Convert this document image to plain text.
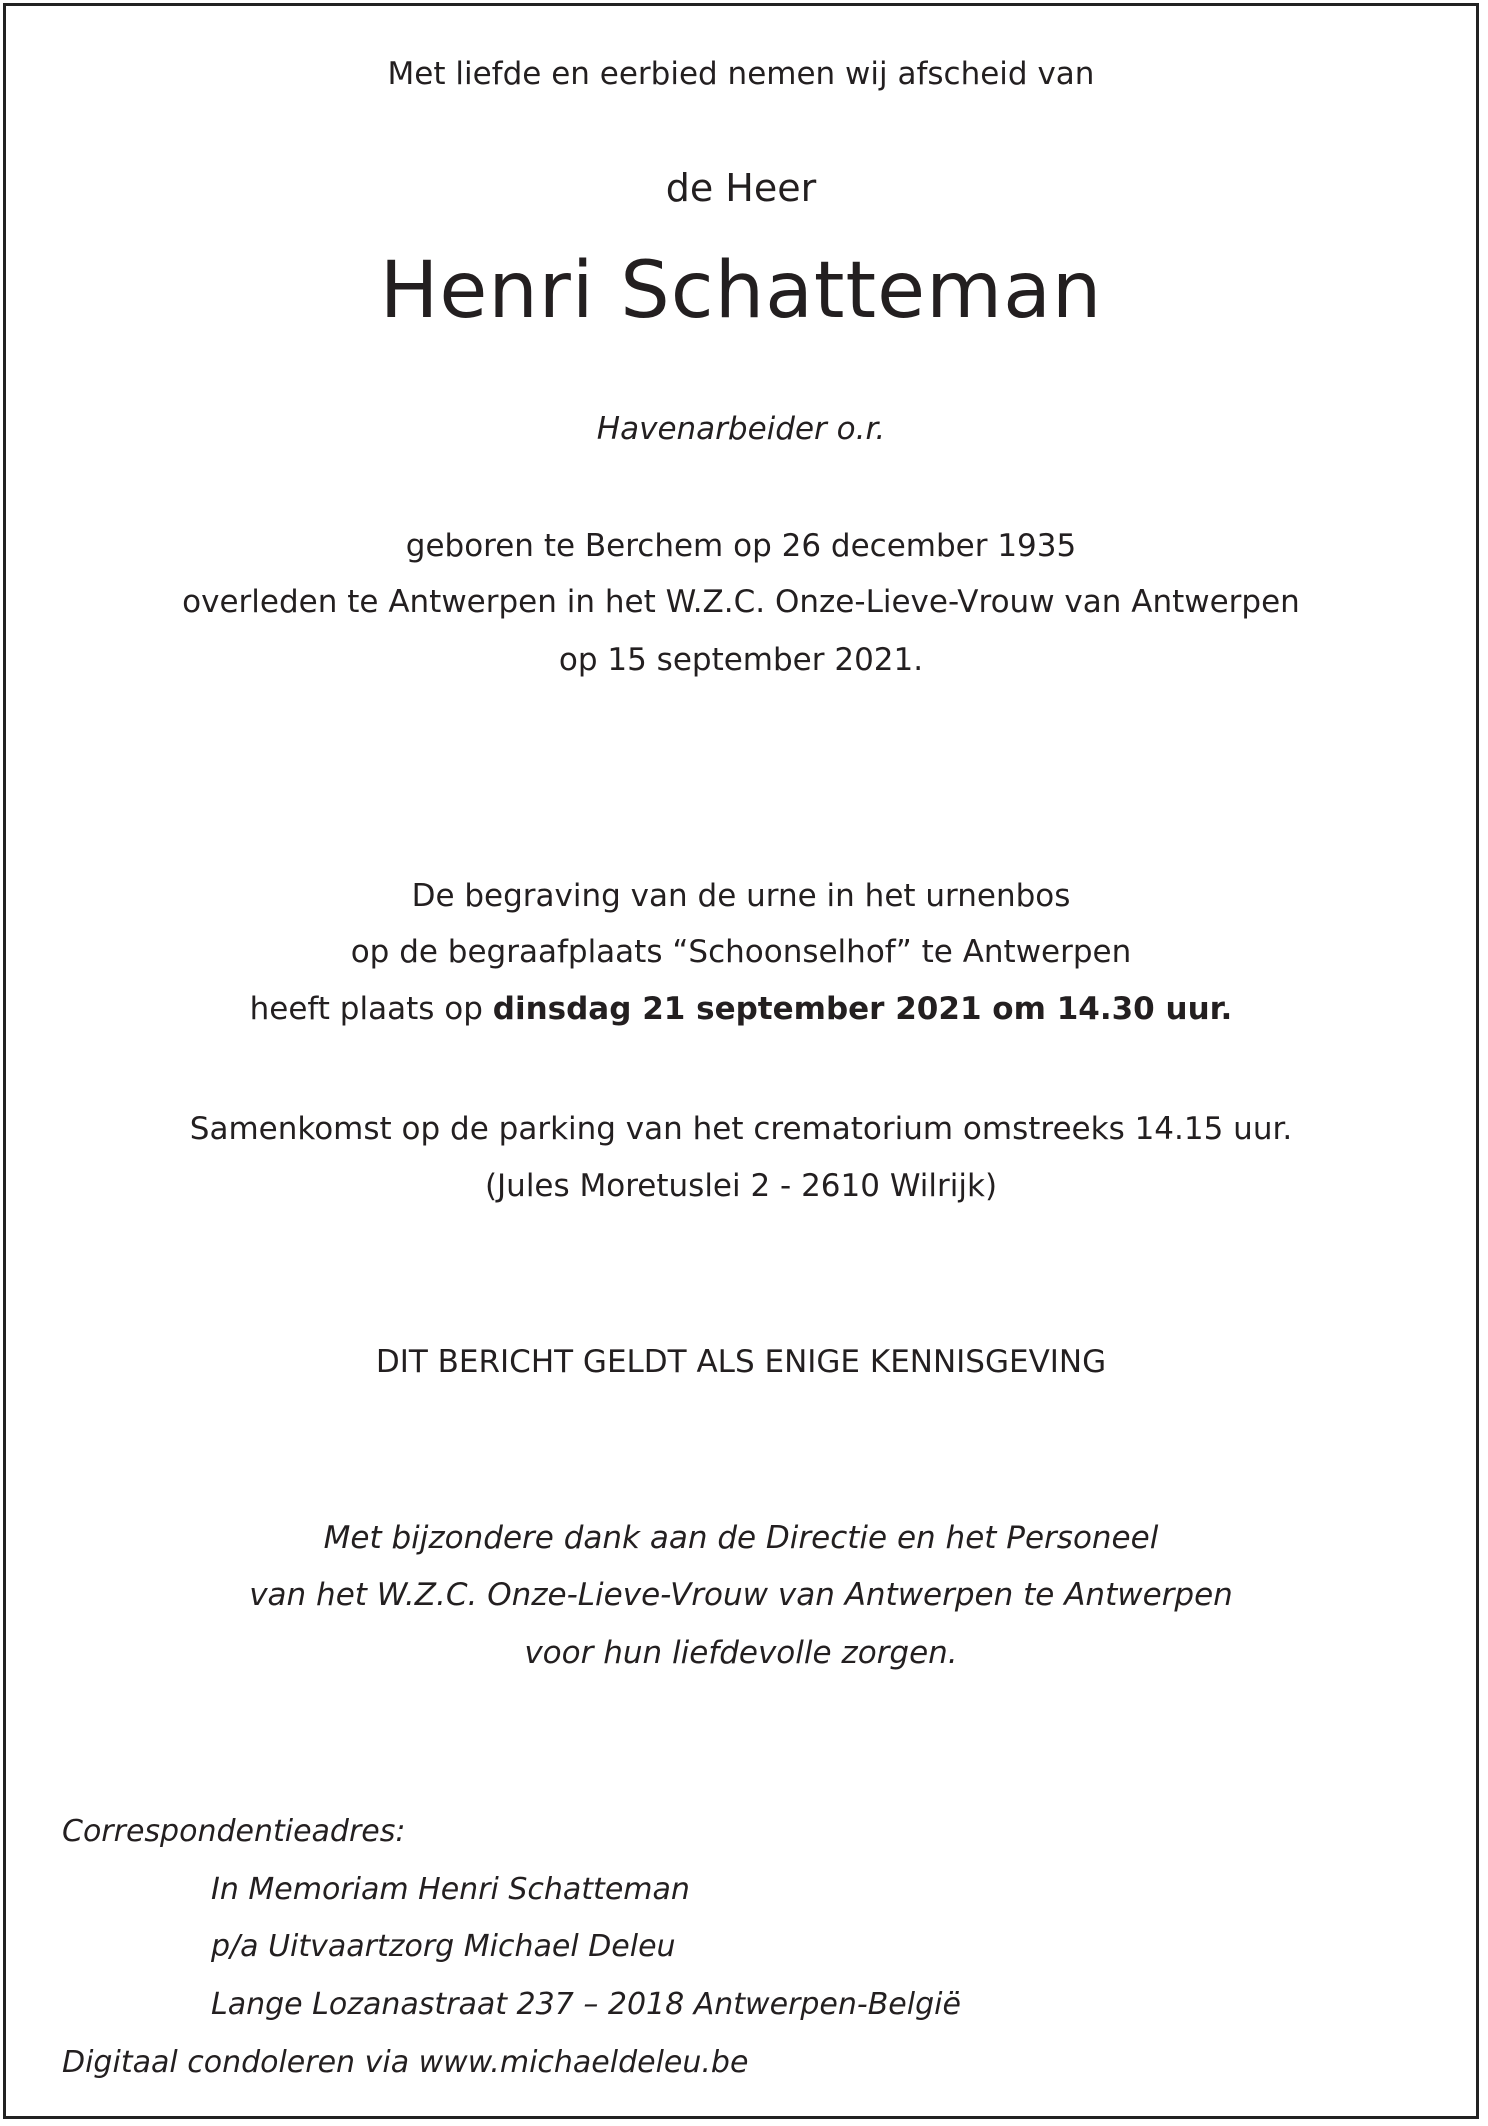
Met liefde en eerbied nemen wij afscheid van
de Heer
Henri Schatteman
Havenarbeider o.r.
geboren te Berchem op 26 december 1935
overleden te Antwerpen in het W.Z.C. Onze-Lieve-Vrouw van Antwerpen
op 15 september 2021.
De begraving van de urne in het urnenbos
op de begraafplaats “Schoonselhof” te Antwerpen
heeft plaats op dinsdag 21 september 2021 om 14.30 uur.
Samenkomst op de parking van het crematorium omstreeks 14.15 uur.
(Jules Moretuslei 2 - 2610 Wilrijk)
DIT BERICHT GELDT ALS ENIGE KENNISGEVING
Met bijzondere dank aan de Directie en het Personeel
van het W.Z.C. Onze-Lieve-Vrouw van Antwerpen te Antwerpen
voor hun liefdevolle zorgen.
Correspondentieadres:
In Memoriam Henri Schatteman
p/a Uitvaartzorg Michael Deleu
Lange Lozanastraat 237 – 2018 Antwerpen-België
Digitaal condoleren via www.michaeldeleu.be
